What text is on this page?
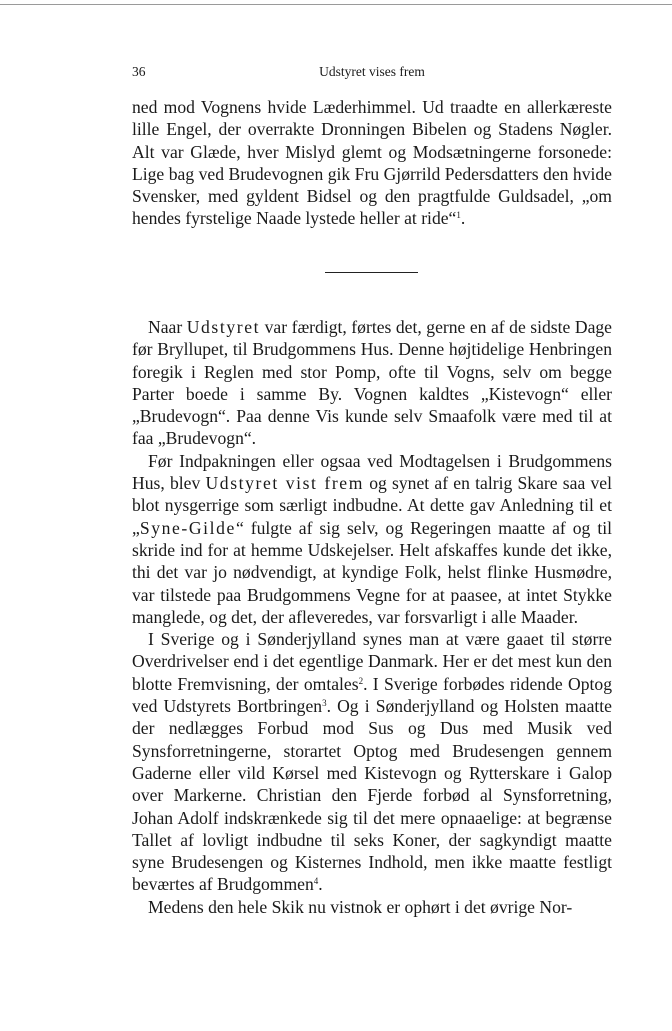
36	Udstyret vises frem

ned mod Vognens hvide Læderhimmel. Ud traadte en allerkæreste lille Engel, der overrakte Dronningen Bibelen og Stadens Nøgler. Alt var Glæde, hver Mislyd glemt og Modsætningerne forsonede: Lige bag ved Brudevognen gik Fru Gjørrild Pedersdatters den hvide Svensker, med gyldent Bidsel og den pragtfulde Guldsadel, „om hendes fyrstelige Naade lystede heller at ride“$^1$.

Naar Udstyret var færdigt, førtes det, gerne en af de sidste Dage før Bryllupet, til Brudgommens Hus. Denne højtidelige Henbringen foregik i Reglen med stor Pomp, ofte til Vogns, selv om begge Parter boede i samme By. Vognen kaldtes „Kistevogn“ eller „Brudevogn“. Paa denne Vis kunde selv Smaafolk være med til at faa „Brudevogn“.

Før Indpakningen eller ogsaa ved Modtagelsen i Brudgommens Hus, blev Udstyret vist frem og synet af en talrig Skare saa vel blot nysgerrige som særligt indbudne. At dette gav Anledning til et „Syne-Gilde“ fulgte af sig selv, og Regeringen maatte af og til skride ind for at hemme Udskejelser. Helt afskaffes kunde det ikke, thi det var jo nødvendigt, at kyndige Folk, helst flinke Husmødre, var tilstede paa Brudgommens Vegne for at paasee, at intet Stykke manglede, og det, der afleveredes, var forsvarligt i alle Maader.

I Sverige og i Sønderjylland synes man at være gaaet til større Overdrivelser end i det egentlige Danmark. Her er det mest kun den blotte Fremvisning, der omtales$^2$. I Sverige forbødes ridende Optog ved Udstyrets Bortbringen$^3$. Og i Sønderjylland og Holsten maatte der nedlægges Forbud mod Sus og Dus med Musik ved Synsforretningerne, storartet Optog med Brudesengen gennem Gaderne eller vild Kørsel med Kistevogn og Rytterskare i Galop over Markerne. Christian den Fjerde forbød al Synsforretning, Johan Adolf indskrænkede sig til det mere opnaaelige: at begrænse Tallet af lovligt indbudne til seks Koner, der sagkyndigt maatte syne Brudesengen og Kisternes Indhold, men ikke maatte festligt beværtes af Brudgommen$^4$.

Medens den hele Skik nu vistnok er ophørt i det øvrige Nor-
